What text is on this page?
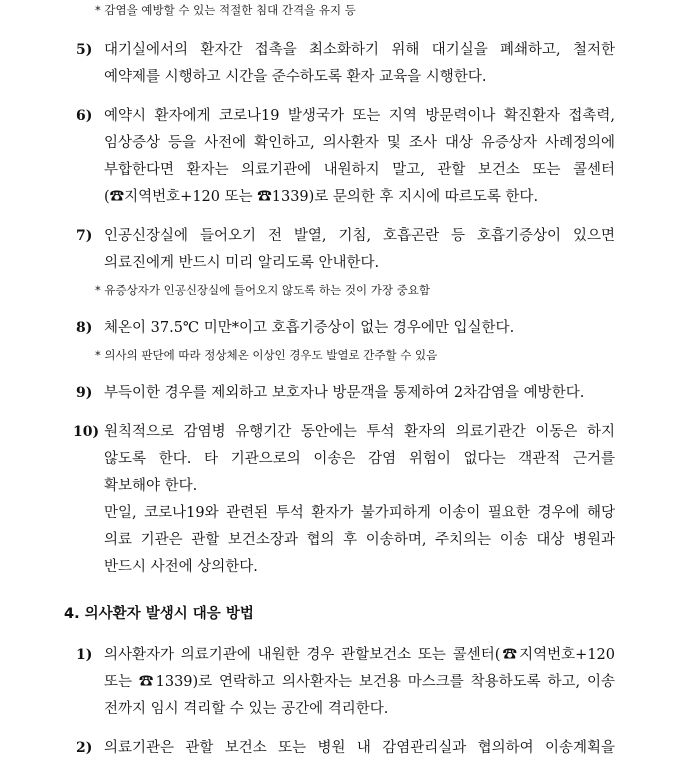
* 감염을 예방할 수 있는 적절한 침대 간격을 유지 등
5) 대기실에서의 환자간 접촉을 최소화하기 위해 대기실을 폐쇄하고, 철저한
예약제를 시행하고 시간을 준수하도록 환자 교육을 시행한다.
6) 예약시 환자에게 코로나19 발생국가 또는 지역 방문력이나 확진환자 접촉력,
임상증상 등을 사전에 확인하고, 의사환자 및 조사 대상 유증상자 사례정의에
부합한다면 환자는 의료기관에 내원하지 말고, 관할 보건소 또는 콜센터
(☎지역번호+120 또는 ☎1339)로 문의한 후 지시에 따르도록 한다.
7) 인공신장실에 들어오기 전 발열, 기침, 호흡곤란 등 호흡기증상이 있으면
의료진에게 반드시 미리 알리도록 안내한다.
* 유증상자가 인공신장실에 들어오지 않도록 하는 것이 가장 중요함
8) 체온이 37.5℃ 미만*이고 호흡기증상이 없는 경우에만 입실한다.
* 의사의 판단에 따라 정상체온 이상인 경우도 발열로 간주할 수 있음
9) 부득이한 경우를 제외하고 보호자나 방문객을 통제하여 2차감염을 예방한다.
10) 원칙적으로 감염병 유행기간 동안에는 투석 환자의 의료기관간 이동은 하지
않도록 한다. 타 기관으로의 이송은 감염 위험이 없다는 객관적 근거를
확보해야 한다.
만일, 코로나19와 관련된 투석 환자가 불가피하게 이송이 필요한 경우에 해당
의료 기관은 관할 보건소장과 협의 후 이송하며, 주치의는 이송 대상 병원과
반드시 사전에 상의한다.
4. 의사환자 발생시 대응 방법
1) 의사환자가 의료기관에 내원한 경우 관할보건소 또는 콜센터(☎지역번호+120
또는 ☎1339)로 연락하고 의사환자는 보건용 마스크를 착용하도록 하고, 이송
전까지 임시 격리할 수 있는 공간에 격리한다.
2) 의료기관은 관할 보건소 또는 병원 내 감염관리실과 협의하여 이송계획을
